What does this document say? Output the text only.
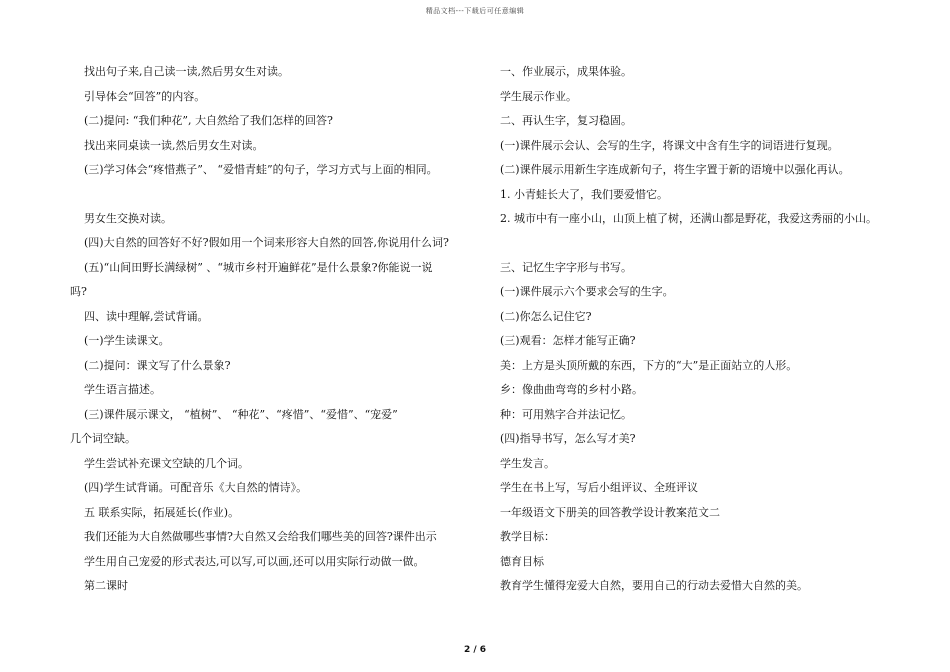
精品文档---下载后可任意编辑

找出句子来,自己读一读,然后男女生对读。

引导体会“回答”的内容。

(二)提问: “我们种花”, 大自然给了我们怎样的回答?

找出来同桌读一读,然后男女生对读。

(三)学习体会“疼惜燕子”、 “爱惜青蛙”的句子，学习方式与上面的相同。

男女生交换对读。

(四)大自然的回答好不好?假如用一个词来形容大自然的回答,你说用什么词?

(五)“山间田野长满绿树” 、“城市乡村开遍鲜花”是什么景象?你能说一说

吗?

四、读中理解,尝试背诵。

(一)学生读课文。

(二)提问：课文写了什么景象?

学生语言描述。

(三)课件展示课文， “植树”、 “种花”、“疼惜”、“爱惜”、“宠爱”

几个词空缺。

学生尝试补充课文空缺的几个词。

(四)学生试背诵。可配音乐《大自然的情诗》。

五 联系实际，拓展延长(作业)。

我们还能为大自然做哪些事情?大自然又会给我们哪些美的回答?课件出示

学生用自己宠爱的形式表达,可以写,可以画,还可以用实际行动做一做。

第二课时

一、作业展示，成果体验。

学生展示作业。

二、再认生字，复习稳固。

(一)课件展示会认、会写的生字，将课文中含有生字的词语进行复现。

(二)课件展示用新生字连成新句子，将生字置于新的语境中以强化再认。

1. 小青蛙长大了，我们要爱惜它。

2. 城市中有一座小山，山顶上植了树，还满山都是野花，我爱这秀丽的小山。

三、记忆生字字形与书写。

(一)课件展示六个要求会写的生字。

(二)你怎么记住它?

(三)观看：怎样才能写正确?

美：上方是头顶所戴的东西，下方的“大”是正面站立的人形。

乡：像曲曲弯弯的乡村小路。

种：可用熟字合并法记忆。

(四)指导书写，怎么写才美?

学生发言。

学生在书上写，写后小组评议、全班评议

一年级语文下册美的回答教学设计教案范文二

教学目标：

德育目标

教育学生懂得宠爱大自然，要用自己的行动去爱惜大自然的美。

2 / 6
